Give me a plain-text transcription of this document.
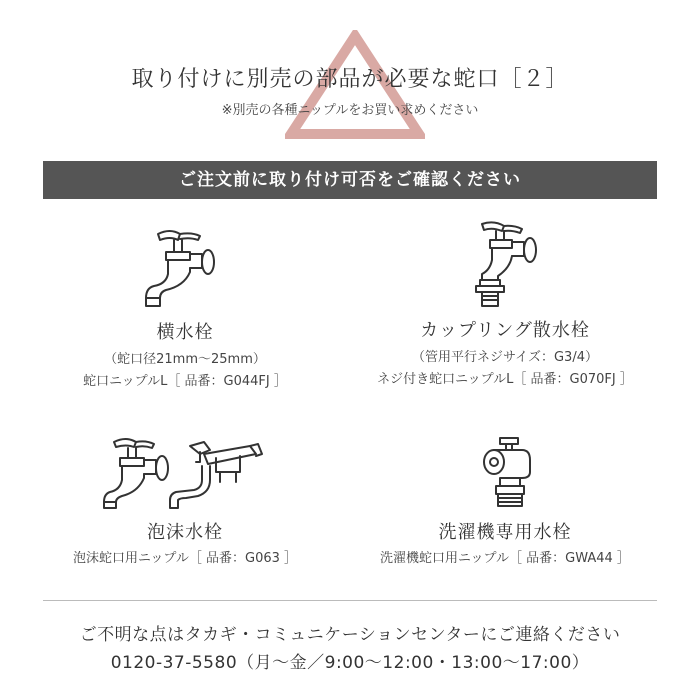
取り付けに別売の部品が必要な蛇口［２］
※別売の各種ニップルをお買い求めください
ご注文前に取り付け可否をご確認ください
横水栓
（蛇口径21mm〜25mm）
蛇口ニップルL［ 品番：G044FJ ］
カップリング散水栓
（管用平行ネジサイズ：G3/4）
ネジ付き蛇口ニップルL［ 品番：G070FJ ］
泡沫水栓
泡沫蛇口用ニップル［ 品番：G063 ］
洗濯機専用水栓
洗濯機蛇口用ニップル［ 品番：GWA44 ］
ご不明な点はタカギ・コミュニケーションセンターにご連絡ください
0120-37-5580（月〜金／9:00〜12:00・13:00〜17:00）
